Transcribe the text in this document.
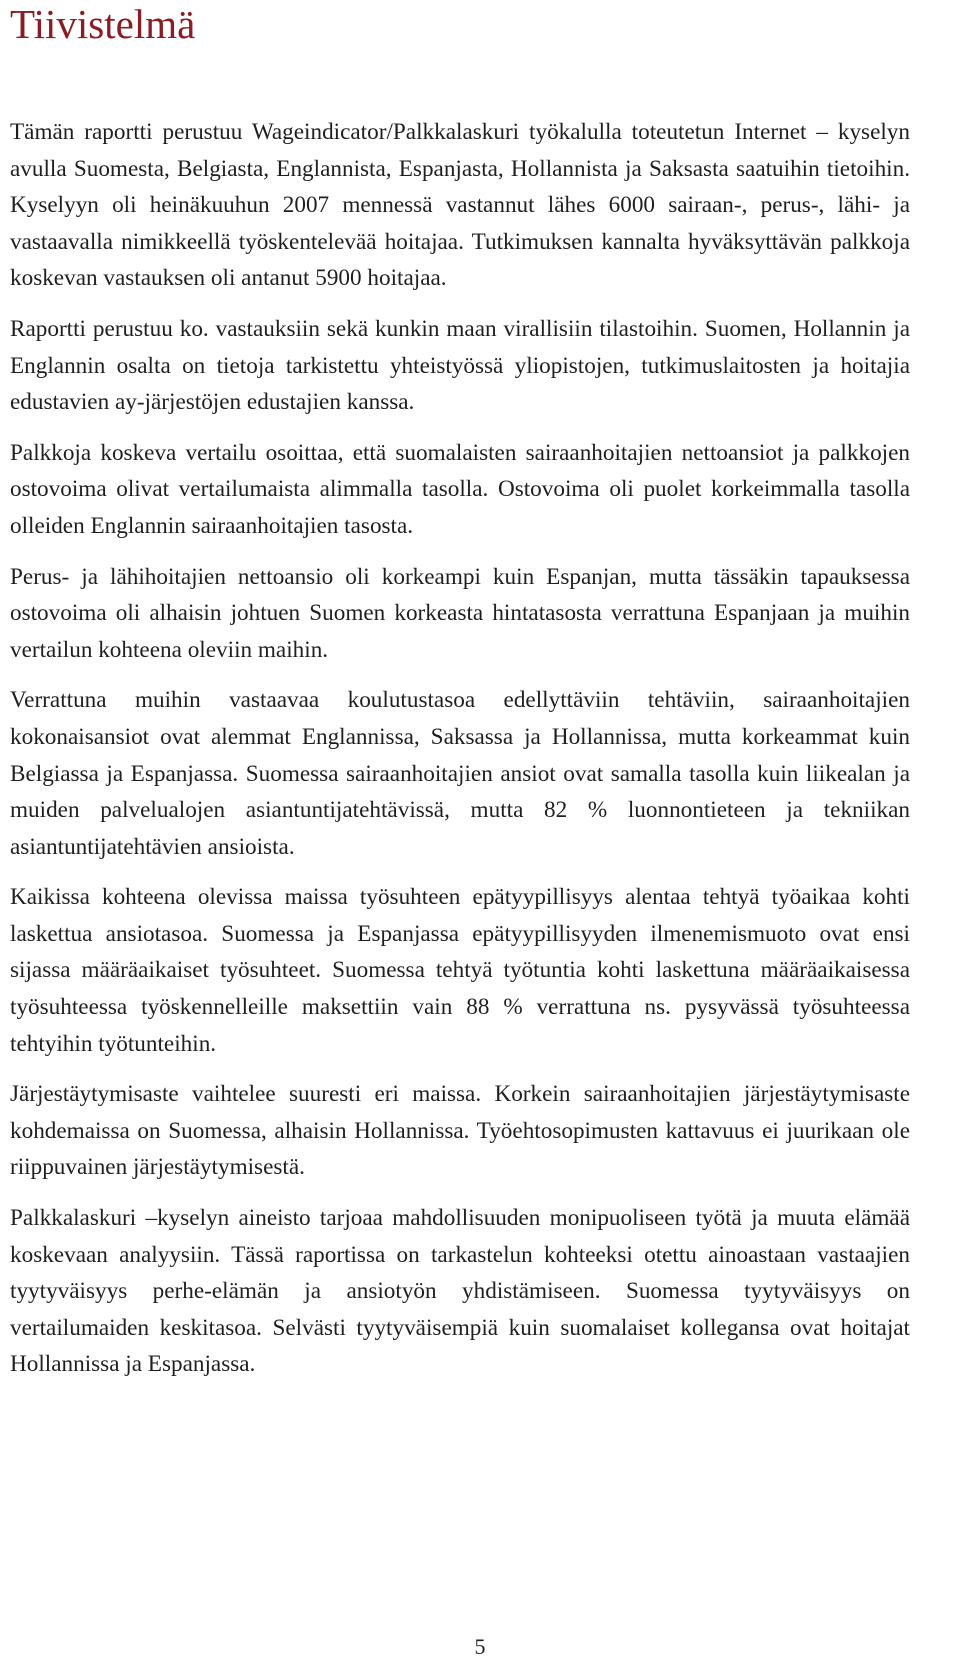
Tiivistelmä

Tämän raportti perustuu Wageindicator/Palkkalaskuri työkalulla toteutetun Internet – kyselyn avulla Suomesta, Belgiasta, Englannista, Espanjasta, Hollannista ja Saksasta saatuihin tietoihin. Kyselyyn oli heinäkuuhun 2007 mennessä vastannut lähes 6000 sairaan-, perus-, lähi- ja vastaavalla nimikkeellä työskentelevää hoitajaa. Tutkimuksen kannalta hyväksyttävän palkkoja koskevan vastauksen oli antanut 5900 hoitajaa.

Raportti perustuu ko. vastauksiin sekä kunkin maan virallisiin tilastoihin. Suomen, Hollannin ja Englannin osalta on tietoja tarkistettu yhteistyössä yliopistojen, tutkimuslaitosten ja hoitajia edustavien ay-järjestöjen edustajien kanssa.

Palkkoja koskeva vertailu osoittaa, että suomalaisten sairaanhoitajien nettoansiot ja palkkojen ostovoima olivat vertailumaista alimmalla tasolla. Ostovoima oli puolet korkeimmalla tasolla olleiden Englannin sairaanhoitajien tasosta.

Perus- ja lähihoitajien nettoansio oli korkeampi kuin Espanjan, mutta tässäkin tapauksessa ostovoima oli alhaisin johtuen Suomen korkeasta hintatasosta verrattuna Espanjaan ja muihin vertailun kohteena oleviin maihin.

Verrattuna muihin vastaavaa koulutustasoa edellyttäviin tehtäviin, sairaanhoitajien kokonaisansiot ovat alemmat Englannissa, Saksassa ja Hollannissa, mutta korkeammat kuin Belgiassa ja Espanjassa. Suomessa sairaanhoitajien ansiot ovat samalla tasolla kuin liikealan ja muiden palvelualojen asiantuntijatehtävissä, mutta 82 % luonnontieteen ja tekniikan asiantuntijatehtävien ansioista.

Kaikissa kohteena olevissa maissa työsuhteen epätyypillisyys alentaa tehtyä työaikaa kohti laskettua ansiotasoa. Suomessa ja Espanjassa epätyypillisyyden ilmenemismuoto ovat ensi sijassa määräaikaiset työsuhteet. Suomessa tehtyä työtuntia kohti laskettuna määräaikaisessa työsuhteessa työskennelleille maksettiin vain 88 % verrattuna ns. pysyvässä työsuhteessa tehtyihin työtunteihin.

Järjestäytymisaste vaihtelee suuresti eri maissa. Korkein sairaanhoitajien järjestäytymisaste kohdemaissa on Suomessa, alhaisin Hollannissa. Työehtosopimusten kattavuus ei juurikaan ole riippuvainen järjestäytymisestä.

Palkkalaskuri –kyselyn aineisto tarjoaa mahdollisuuden monipuoliseen työtä ja muuta elämää koskevaan analyysiin. Tässä raportissa on tarkastelun kohteeksi otettu ainoastaan vastaajien tyytyväisyys perhe-elämän ja ansiotyön yhdistämiseen. Suomessa tyytyväisyys on vertailumaiden keskitasoa. Selvästi tyytyväisempiä kuin suomalaiset kollegansa ovat hoitajat Hollannissa ja Espanjassa.

5
